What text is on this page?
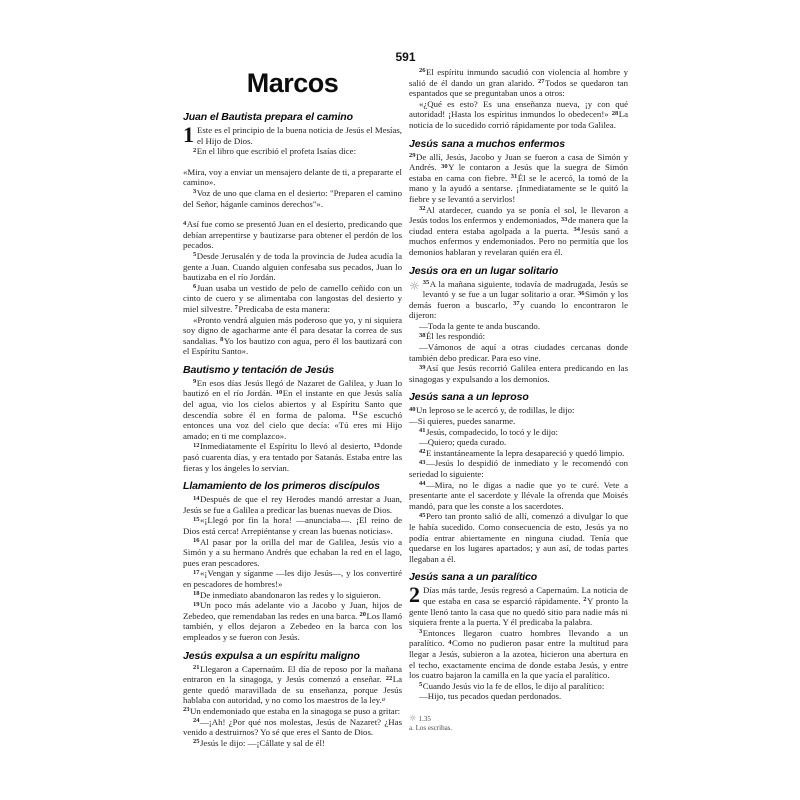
591
Marcos
Juan el Bautista prepara el camino

1 Este es el principio de la buena noticia de Jesús el Mesías, el Hijo de Dios.

$^2$En el libro que escribió el profeta Isaías dice:

«Mira, voy a enviar un mensajero delante de ti, a prepararte el camino».

$^3$Voz de uno que clama en el desierto: "Preparen el camino del Señor, háganle caminos derechos"».

$^4$Así fue como se presentó Juan en el desierto, predicando que debían arrepentirse y bautizarse para obtener el perdón de los pecados.

$^5$Desde Jerusalén y de toda la provincia de Judea acudía la gente a Juan. Cuando alguien confesaba sus pecados, Juan lo bautizaba en el río Jordán.

$^6$Juan usaba un vestido de pelo de camello ceñido con un cinto de cuero y se alimentaba con langostas del desierto y miel silvestre. $^7$Predicaba de esta manera:

«Pronto vendrá alguien más poderoso que yo, y ni siquiera soy digno de agacharme ante él para desatar la correa de sus sandalias. $^8$Yo los bautizo con agua, pero él los bautizará con el Espíritu Santo».

Bautismo y tentación de Jesús

$^9$En esos días Jesús llegó de Nazaret de Galilea, y Juan lo bautizó en el río Jordán. $^{10}$En el instante en que Jesús salía del agua, vio los cielos abiertos y al Espíritu Santo que descendía sobre él en forma de paloma. $^{11}$Se escuchó entonces una voz del cielo que decía: «Tú eres mi Hijo amado; en ti me complazco».

$^{12}$Inmediatamente el Espíritu lo llevó al desierto, $^{13}$donde pasó cuarenta días, y era tentado por Satanás. Estaba entre las fieras y los ángeles lo servían.

Llamamiento de los primeros discípulos

$^{14}$Después de que el rey Herodes mandó arrestar a Juan, Jesús se fue a Galilea a predicar las buenas nuevas de Dios.

$^{15}$«¡Llegó por fin la hora! —anunciaba—. ¡El reino de Dios está cerca! Arrepiéntanse y crean las buenas noticias».

$^{16}$Al pasar por la orilla del mar de Galilea, Jesús vio a Simón y a su hermano Andrés que echaban la red en el lago, pues eran pescadores.

$^{17}$«¡Vengan y síganme —les dijo Jesús—, y los convertiré en pescadores de hombres!»

$^{18}$De inmediato abandonaron las redes y lo siguieron.

$^{19}$Un poco más adelante vio a Jacobo y Juan, hijos de Zebedeo, que remendaban las redes en una barca. $^{20}$Los llamó también, y ellos dejaron a Zebedeo en la barca con los empleados y se fueron con Jesús.

Jesús expulsa a un espíritu maligno

$^{21}$Llegaron a Capernaúm. El día de reposo por la mañana entraron en la sinagoga, y Jesús comenzó a enseñar. $^{22}$La gente quedó maravillada de su enseñanza, porque Jesús hablaba con autoridad, y no como los maestros de la ley.$^a$

$^{23}$Un endemoniado que estaba en la sinagoga se puso a gritar:

$^{24}$—¡Ah! ¿Por qué nos molestas, Jesús de Nazaret? ¿Has venido a destruirnos? Yo sé que eres el Santo de Dios.

$^{25}$Jesús le dijo: —¡Cállate y sal de él!

$^{26}$El espíritu inmundo sacudió con violencia al hombre y salió de él dando un gran alarido. $^{27}$Todos se quedaron tan espantados que se preguntaban unos a otros:

«¿Qué es esto? Es una enseñanza nueva, ¡y con qué autoridad! ¡Hasta los espíritus inmundos lo obedecen!» $^{28}$La noticia de lo sucedido corrió rápidamente por toda Galilea.

Jesús sana a muchos enfermos

$^{29}$De allí, Jesús, Jacobo y Juan se fueron a casa de Simón y Andrés. $^{30}$Y le contaron a Jesús que la suegra de Simón estaba en cama con fiebre. $^{31}$Él se le acercó, la tomó de la mano y la ayudó a sentarse. ¡Inmediatamente se le quitó la fiebre y se levantó a servirlos!

$^{32}$Al atardecer, cuando ya se ponía el sol, le llevaron a Jesús todos los enfermos y endemoniados, $^{33}$de manera que la ciudad entera estaba agolpada a la puerta. $^{34}$Jesús sanó a muchos enfermos y endemoniados. Pero no permitía que los demonios hablaran y revelaran quién era él.

Jesús ora en un lugar solitario

☼ $^{35}$A la mañana siguiente, todavía de madrugada, Jesús se levantó y se fue a un lugar solitario a orar. $^{36}$Simón y los demás fueron a buscarlo, $^{37}$y cuando lo encontraron le dijeron:

—Toda la gente te anda buscando.

$^{38}$Él les respondió:

—Vámonos de aquí a otras ciudades cercanas donde también debo predicar. Para eso vine.

$^{39}$Así que Jesús recorrió Galilea entera predicando en las sinagogas y expulsando a los demonios.

Jesús sana a un leproso

$^{40}$Un leproso se le acercó y, de rodillas, le dijo:

—Si quieres, puedes sanarme.

$^{41}$Jesús, compadecido, lo tocó y le dijo:

—Quiero; queda curado.

$^{42}$E instantáneamente la lepra desapareció y quedó limpio.

$^{43}$—Jesús lo despidió de inmediato y le recomendó con seriedad lo siguiente:

$^{44}$—Mira, no le digas a nadie que yo te curé. Vete a presentarte ante el sacerdote y llévale la ofrenda que Moisés mandó, para que les conste a los sacerdotes.

$^{45}$Pero tan pronto salió de allí, comenzó a divulgar lo que le había sucedido. Como consecuencia de esto, Jesús ya no podía entrar abiertamente en ninguna ciudad. Tenía que quedarse en los lugares apartados; y aun así, de todas partes llegaban a él.

Jesús sana a un paralítico

2 Días más tarde, Jesús regresó a Capernaúm. La noticia de que estaba en casa se esparció rápidamente. $^2$Y pronto la gente llenó tanto la casa que no quedó sitio para nadie más ni siquiera frente a la puerta. Y él predicaba la palabra.

$^3$Entonces llegaron cuatro hombres llevando a un paralítico. $^4$Como no pudieron pasar entre la multitud para llegar a Jesús, subieron a la azotea, hicieron una abertura en el techo, exactamente encima de donde estaba Jesús, y entre los cuatro bajaron la camilla en la que yacía el paralítico.

$^5$Cuando Jesús vio la fe de ellos, le dijo al paralítico:

—Hijo, tus pecados quedan perdonados.

☼ 1.35
a. Los escribas.
